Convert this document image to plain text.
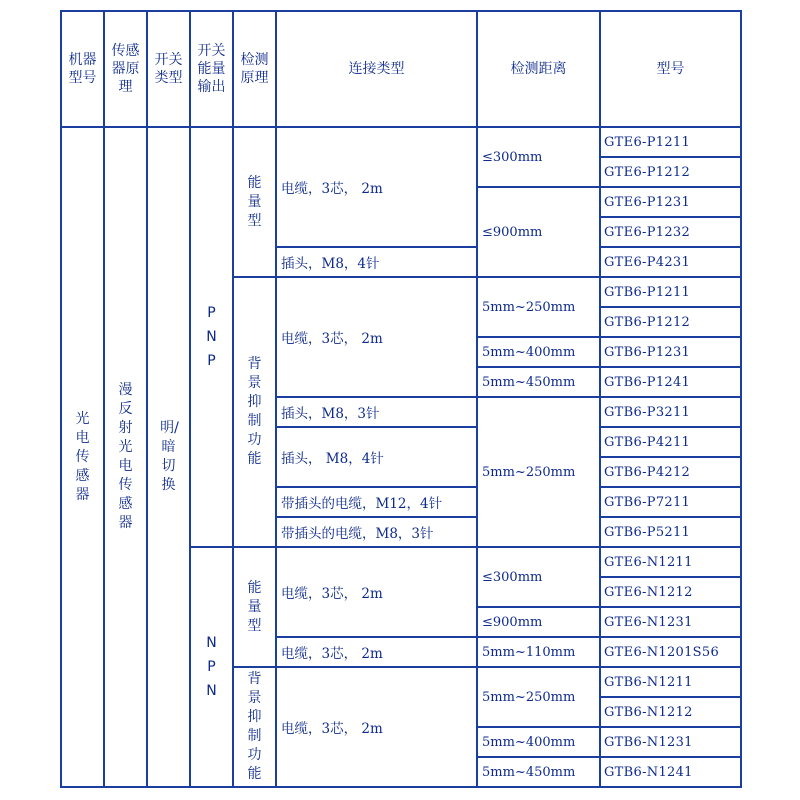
机器型号	传感器原理	开关类型	开关能量输出	检测原理	连接类型	检测距离	型号

光电传感器	漫反射光电传感器	明/暗切换	PNP	能量型	电缆，3芯， 2m	≤300mm	GTE6-P1211
							GTE6-P1212
						≤900mm	GTE6-P1231
							GTE6-P1232
					插头，M8，4针		GTE6-P4231

				背景抑制功能	电缆，3芯， 2m	5mm~250mm	GTB6-P1211
							GTB6-P1212
						5mm~400mm	GTB6-P1231
						5mm~450mm	GTB6-P1241
					插头，M8，3针	5mm~250mm	GTB6-P3211
					插头， M8，4针		GTB6-P4211
							GTB6-P4212
					带插头的电缆，M12，4针		GTB6-P7211
					带插头的电缆，M8，3针		GTB6-P5211

			NPN	能量型	电缆，3芯， 2m	≤300mm	GTE6-N1211
							GTE6-N1212
						≤900mm	GTE6-N1231
					电缆，3芯， 2m	5mm~110mm	GTE6-N1201S56

				背景抑制功能	电缆，3芯， 2m	5mm~250mm	GTB6-N1211
							GTB6-N1212
						5mm~400mm	GTB6-N1231
						5mm~450mm	GTB6-N1241
